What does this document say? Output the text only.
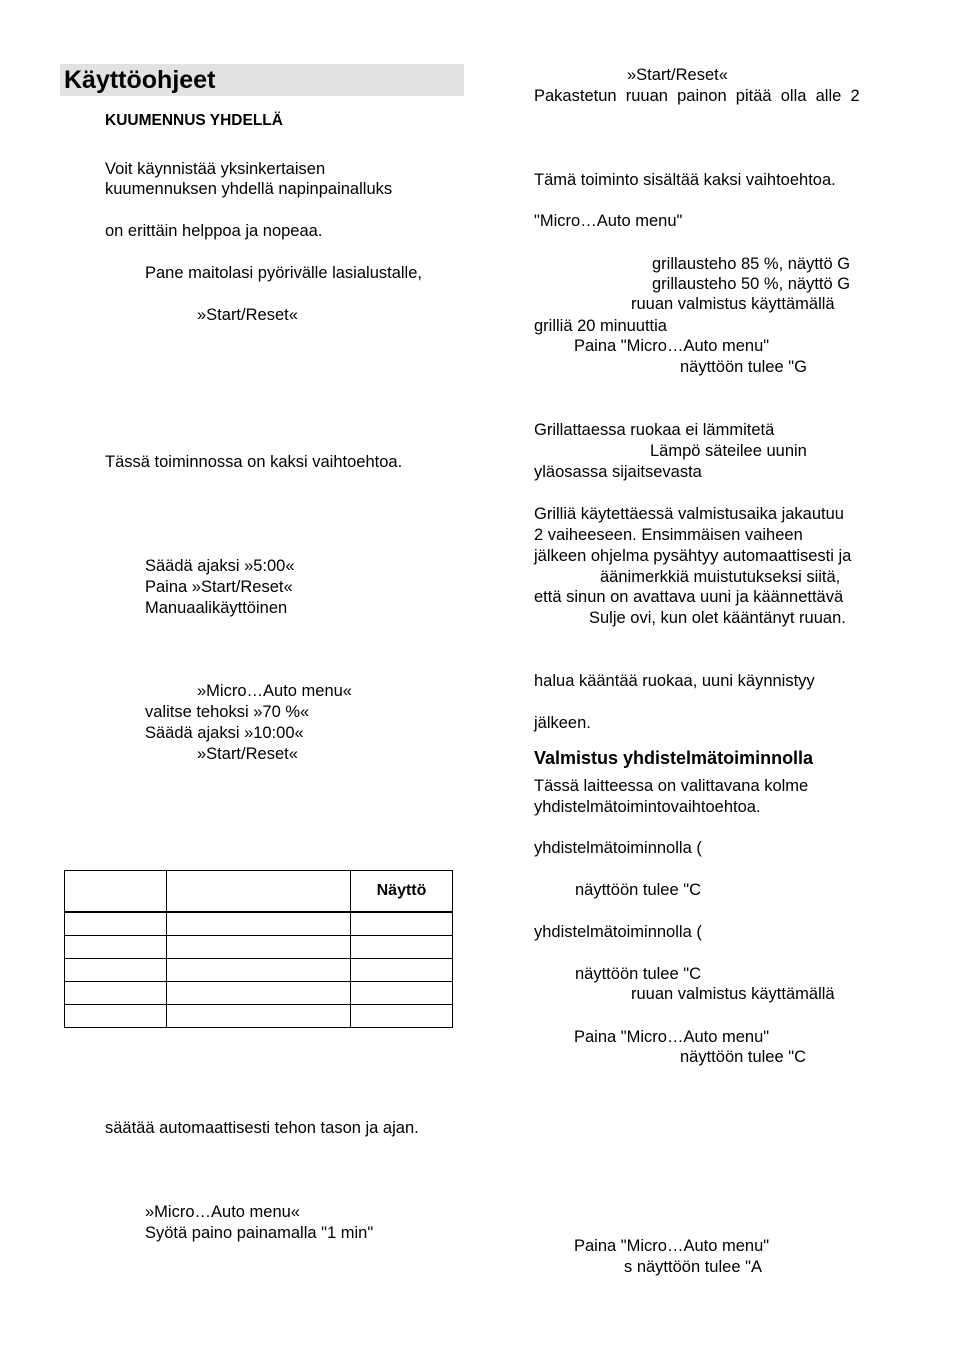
Käyttöohjeet
KUUMENNUS YHDELLÄ
Voit käynnistää yksinkertaisen
kuumennuksen yhdellä napinpainalluks
on erittäin helppoa ja nopeaa.
Pane maitolasi pyörivälle lasialustalle,
»Start/Reset«
Tässä toiminnossa on kaksi vaihtoehtoa.
Säädä ajaksi »5:00«
Paina »Start/Reset«
Manuaalikäyttöinen
»Micro…Auto menu«
valitse tehoksi »70 %«
Säädä ajaksi »10:00«
»Start/Reset«
		Näyttö

säätää automaattisesti tehon tason ja ajan.
»Micro…Auto menu«
Syötä paino painamalla "1 min"
»Start/Reset«
Pakastetun  ruuan  painon  pitää  olla  alle  2
Tämä toiminto sisältää kaksi vaihtoehtoa.
"Micro…Auto menu"
grillausteho 85 %, näyttö G
grillausteho 50 %, näyttö G
ruuan valmistus käyttämällä
grilliä 20 minuuttia
Paina "Micro…Auto menu"
näyttöön tulee "G
Grillattaessa ruokaa ei lämmitetä
Lämpö säteilee uunin
yläosassa sijaitsevasta
Grilliä käytettäessä valmistusaika jakautuu
2 vaiheeseen. Ensimmäisen vaiheen
jälkeen ohjelma pysähtyy automaattisesti ja
äänimerkkiä muistutukseksi siitä,
että sinun on avattava uuni ja käännettävä
Sulje ovi, kun olet kääntänyt ruuan.
halua kääntää ruokaa, uuni käynnistyy
jälkeen.
Valmistus yhdistelmätoiminnolla
Tässä laitteessa on valittavana kolme
yhdistelmätoimintovaihtoehtoa.
yhdistelmätoiminnolla (
näyttöön tulee "C
yhdistelmätoiminnolla (
näyttöön tulee "C
ruuan valmistus käyttämällä
Paina "Micro…Auto menu"
näyttöön tulee "C
Paina "Micro…Auto menu"
s näyttöön tulee "A
